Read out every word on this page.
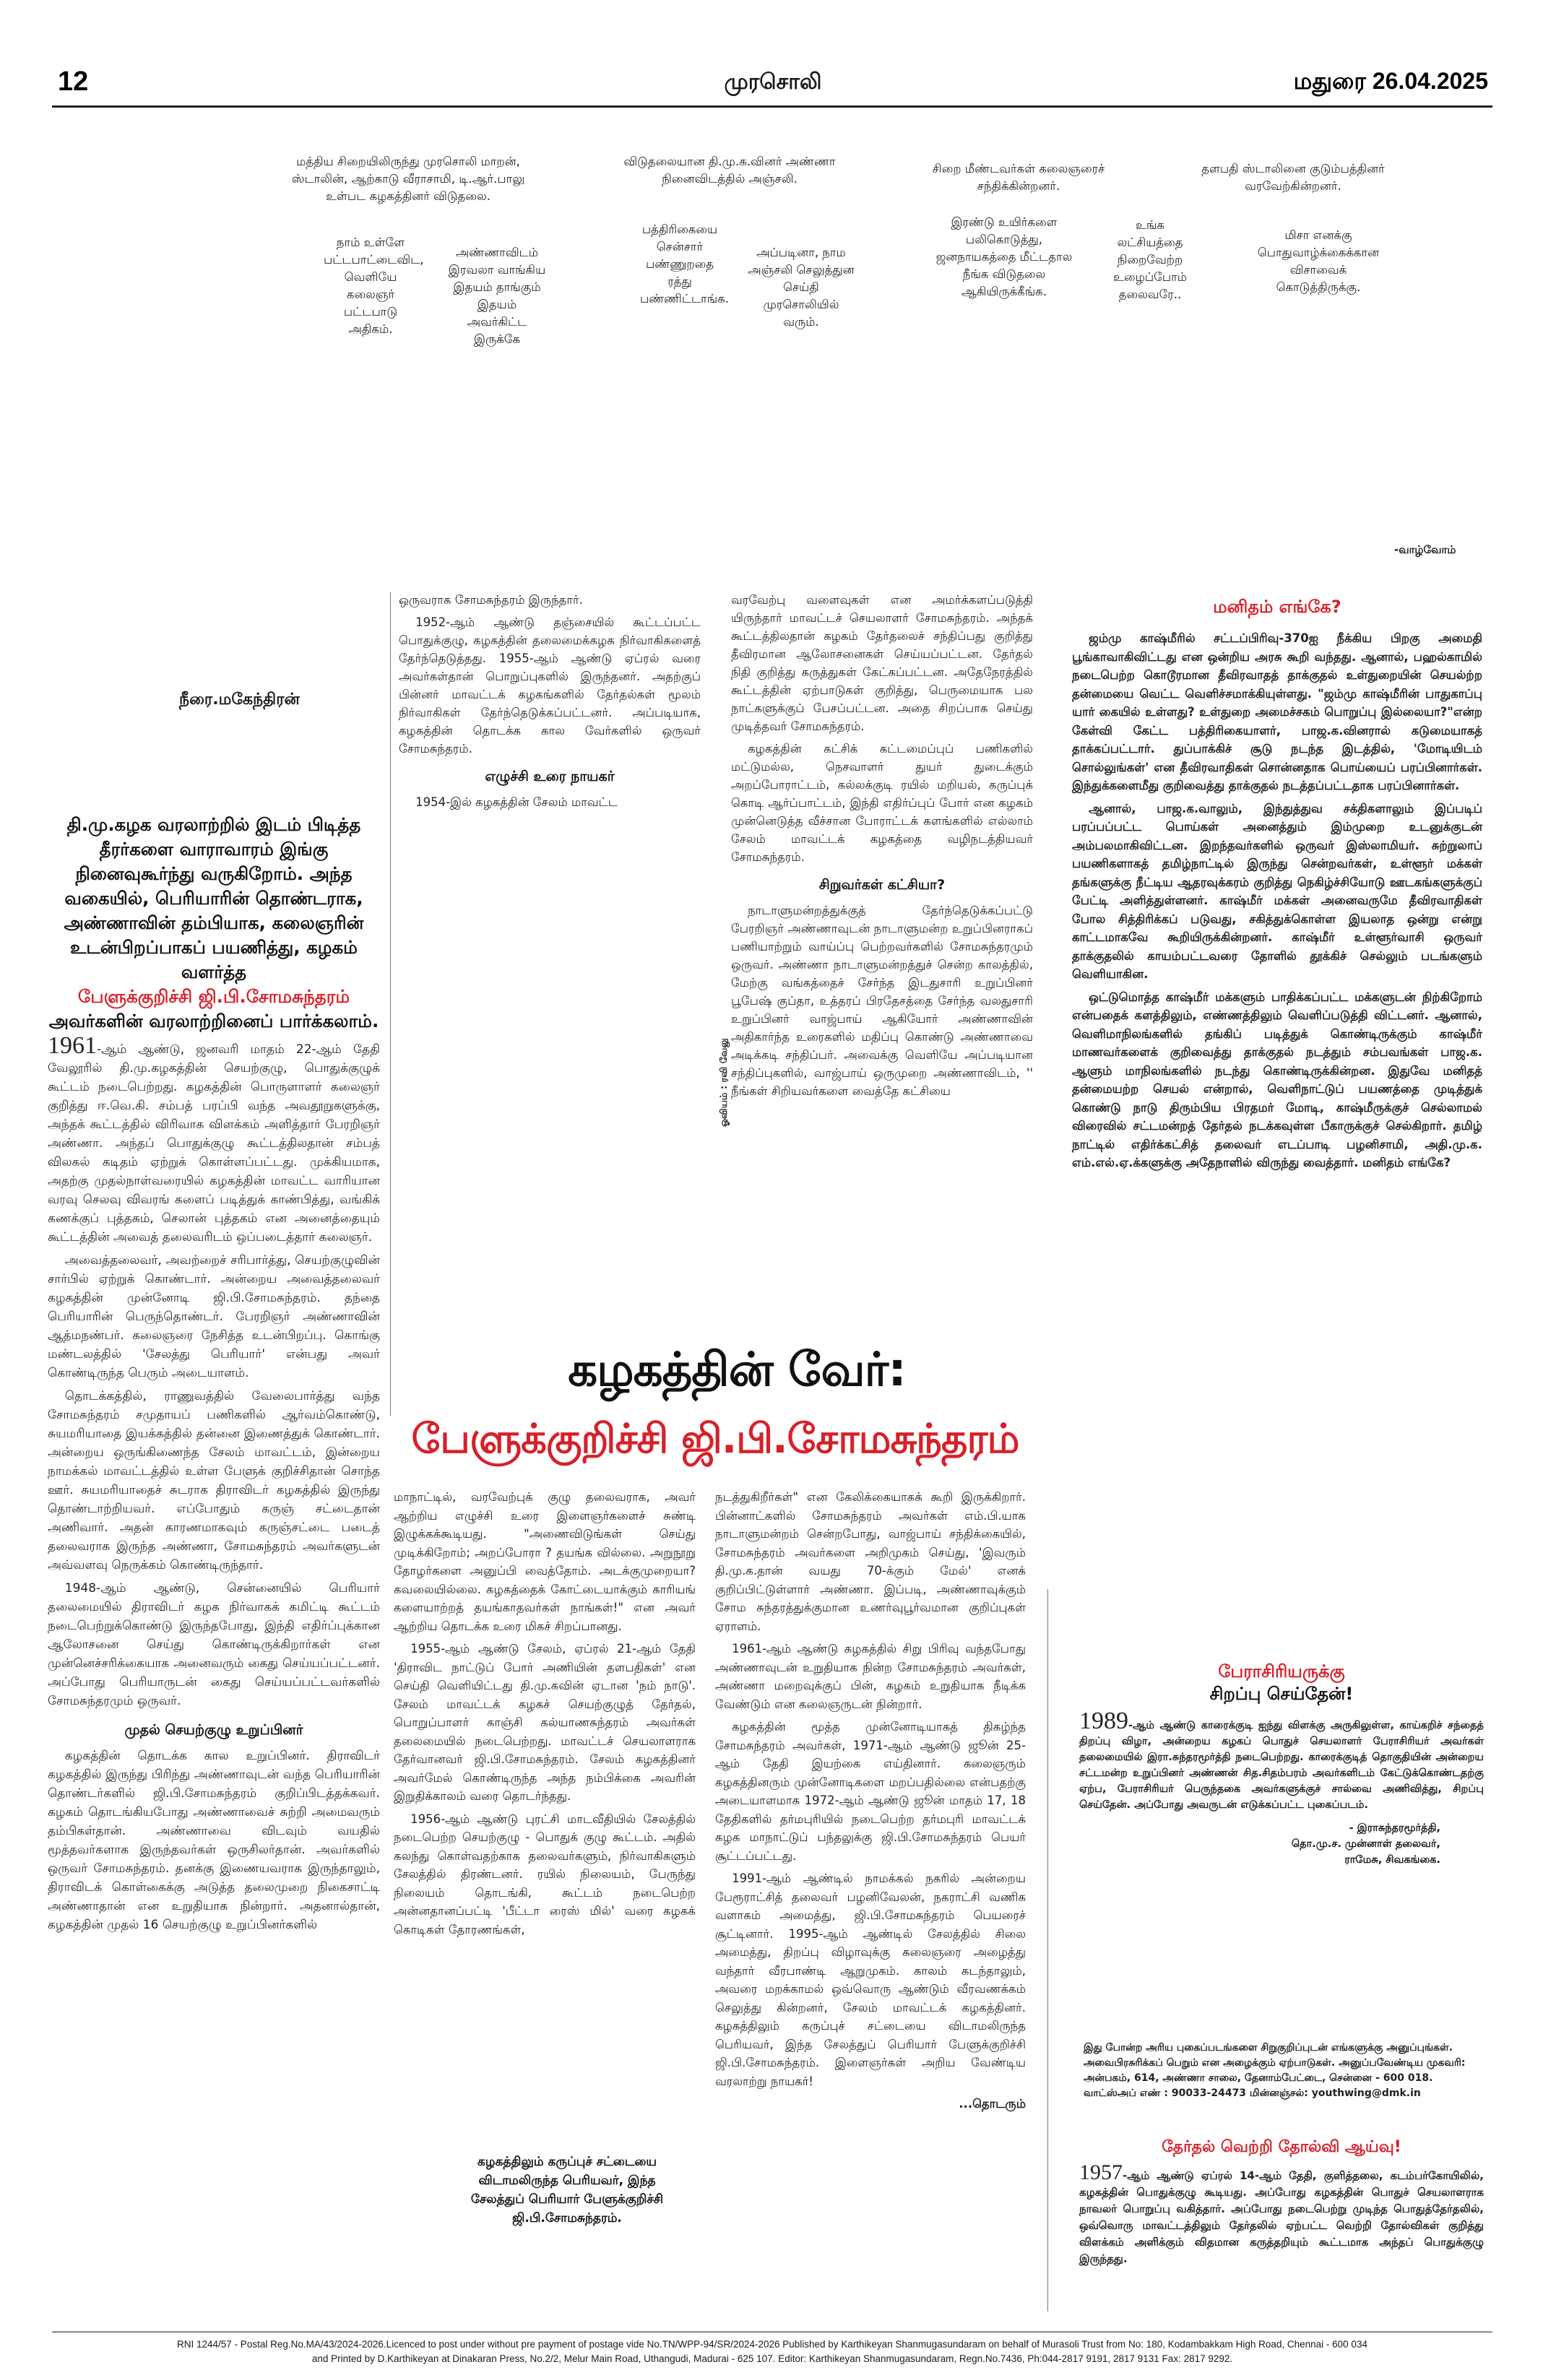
12	முரசொலி	மதுரை 26.04.2025
மத்திய சிறையிலிருந்து முரசொலி மாறன், ஸ்டாலின், ஆற்காடு வீராசாமி, டி.ஆர்.பாலு உள்பட கழகத்தினர் விடுதலை.
விடுதலையான தி.மு.க.வினர் அண்ணா நினைவிடத்தில் அஞ்சலி.
சிறை மீண்டவர்கள் கலைஞரைச் சந்திக்கின்றனர்.
தளபதி ஸ்டாலினை குடும்பத்தினர் வரவேற்கின்றனர்.
நாம் உள்ளே பட்டபாட்டைவிட, வெளியே கலைஞர் பட்டபாடு அதிகம்.
அண்ணாவிடம் இரவலா வாங்கிய இதயம் தாங்கும் இதயம் அவர்கிட்ட இருக்கே
பத்திரிகையை சென்சார் பண்ணுறதை ரத்து பண்ணிட்டாங்க.
அப்படினா, நாம அஞ்சலி செலுத்துன செய்தி முரசொலியில் வரும்.
இரண்டு உயிர்களை பலிகொடுத்து, ஜனநாயகத்தை மீட்டதால நீங்க விடுதலை ஆகியிருக்கீங்க.
உங்க லட்சியத்தை நிறைவேற்ற உழைப்போம் தலைவரே..
மிசா எனக்கு பொதுவாழ்க்கைக்கான விசாவைக் கொடுத்திருக்கு.
-வாழ்வோம்
நீரை.மகேந்திரன்
தி.மு.கழக வரலாற்றில் இடம் பிடித்த தீரர்களை வாராவாரம் இங்கு நினைவுகூர்ந்து வருகிறோம். அந்த வகையில், பெரியாரின் தொண்டராக, அண்ணாவின் தம்பியாக, கலைஞரின் உடன்பிறப்பாகப் பயணித்து, கழகம் வளர்த்த
பேளுக்குறிச்சி ஜி.பி.சோமசுந்தரம்
அவர்களின் வரலாற்றினைப் பார்க்கலாம்.

1961-ஆம் ஆண்டு, ஜனவரி மாதம் 22-ஆம் தேதி வேலூரில் தி.மு.கழகத்தின் செயற்குழு, பொதுக்குழுக் கூட்டம் நடைபெற்றது. கழகத்தின் பொருளாளர் கலைஞர் குறித்து ஈ.வெ.கி. சம்பத் பரப்பி வந்த அவதூறுகளுக்கு, அந்தக் கூட்டத்தில் விரிவாக விளக்கம் அளித்தார் பேரறிஞர் அண்ணா. அந்தப் பொதுக்குழு கூட்டத்திலதான் சம்பத் விலகல் கடிதம் ஏற்றுக் கொள்ளப்பட்டது. முக்கியமாக, அதற்கு முதல்நாள்வரையில் கழகத்தின் மாவட்ட வாரியான வரவு செலவு விவரங் களைப் படித்துக் காண்பித்து, வங்கிக் கணக்குப் புத்தகம், செலான் புத்தகம் என அனைத்தையும் கூட்டத்தின் அவைத் தலைவரிடம் ஒப்படைத்தார் கலைஞர்.

அவைத்தலைவர், அவற்றைச் சரிபார்த்து, செயற்குழுவின் சார்பில் ஏற்றுக் கொண்டார். அன்றைய அவைத்தலைவர் கழகத்தின் முன்னோடி ஜி.பி.சோமசுந்தரம். தந்தை பெரியாரின் பெருந்தொண்டர். பேரறிஞர் அண்ணாவின் ஆத்மநண்பர். கலைஞரை நேசித்த உடன்பிறப்பு. கொங்கு மண்டலத்தில் 'சேலத்து பெரியார்' என்பது அவர் கொண்டிருந்த பெரும் அடையாளம்.

தொடக்கத்தில், ராணுவத்தில் வேலைபார்த்து வந்த சோமசுந்தரம் சமுதாயப் பணிகளில் ஆர்வம்கொண்டு, சுயமரியாதை இயக்கத்தில் தன்னை இணைத்துக் கொண்டார். அன்றைய ஒருங்கிணைந்த சேலம் மாவட்டம், இன்றைய நாமக்கல் மாவட்டத்தில் உள்ள பேளுக் குறிச்சிதான் சொந்த ஊர். சுயமரியாதைச் சுடராக திராவிடர் கழகத்தில் இருந்து தொண்டாற்றியவர். எப்போதும் கருஞ் சட்டைதான் அணிவார். அதன் காரணமாகவும் கருஞ்சட்டை படைத் தலைவராக இருந்த அண்ணா, சோமசுந்தரம் அவர்களுடன் அவ்வளவு நெருக்கம் கொண்டிருந்தார்.

1948-ஆம் ஆண்டு, சென்னையில் பெரியார் தலைமையில் திராவிடர் கழக நிர்வாகக் கமிட்டி கூட்டம் நடைபெற்றுக்கொண்டு இருந்தபோது, இந்தி எதிர்ப்புக்கான ஆலோசனை செய்து கொண்டிருக்கிறார்கள் என முன்னெச்சரிக்கையாக அனைவரும் கைது செய்யப்பட்டனர். அப்போது பெரியாருடன் கைது செய்யப்பட்டவர்களில் சோமசுந்தரமும் ஒருவர்.

முதல் செயற்குழு உறுப்பினர்

கழகத்தின் தொடக்க கால உறுப்பினர். திராவிடர் கழகத்தில் இருந்து பிரிந்து அண்ணாவுடன் வந்த பெரியாரின் தொண்டர்களில் ஜி.பி.சோமசுந்தரம் குறிப்பிடத்தக்கவர். கழகம் தொடங்கியபோது அண்ணாவைச் சுற்றி அமைவரும் தம்பிகள்தான். அண்ணாவை விடவும் வயதில் மூத்தவர்களாக இருந்தவர்கள் ஒருசிலர்தான். அவர்களில் ஒருவர் சோமசுந்தரம். தனக்கு இணையவராக இருந்தாலும், திராவிடக் கொள்கைக்கு அடுத்த தலைமுறை நிகைசாட்டி அண்ணாதான் என உறுதியாக நின்றார். அதனால்தான், கழகத்தின் முதல் 16 செயற்குழு உறுப்பினர்களில்

ஒருவராக சோமசுந்தரம் இருந்தார்.

1952-ஆம் ஆண்டு தஞ்சையில் கூட்டப்பட்ட பொதுக்குழு, கழகத்தின் தலைமைக்கழக நிர்வாகிகளைத் தேர்ந்தெடுத்தது. 1955-ஆம் ஆண்டு ஏப்ரல் வரை அவர்கள்தான் பொறுப்புகளில் இருந்தனர். அதற்குப் பின்னர் மாவட்டக் கழகங்களில் தேர்தல்கள் மூலம் நிர்வாகிகள் தேர்ந்தெடுக்கப்பட்டனர். அப்படியாக, கழகத்தின் தொடக்க கால வேர்களில் ஒருவர் சோமசுந்தரம்.

எழுச்சி உரை நாயகர்

1954-இல் கழகத்தின் சேலம் மாவட்ட

வரவேற்பு வளைவுகள் என அமர்க்களப்படுத்தி யிருந்தார் மாவட்டச் செயலாளர் சோமசுந்தரம். அந்தக் கூட்டத்திலதான் கழகம் தேர்தலைச் சந்திப்பது குறித்து தீவிரமான ஆலோசனைகள் செய்யப்பட்டன. தேர்தல் நிதி குறித்து கருத்துகள் கேட்கப்பட்டன. அதேநேரத்தில் கூட்டத்தின் ஏற்பாடுகள் குறித்து, பெருமையாக பல நாட்களுக்குப் பேசப்பட்டன. அதை சிறப்பாக செய்து முடித்தவர் சோமசுந்தரம்.

கழகத்தின் கட்சிக் கட்டமைப்புப் பணிகளில் மட்டுமல்ல, நெசவாளர் துயர் துடைக்கும் அறப்போராட்டம், கல்லக்குடி ரயில் மறியல், கருப்புக் கொடி ஆர்ப்பாட்டம், இந்தி எதிர்ப்புப் போர் என கழகம் முன்னெடுத்த வீச்சான போராட்டக் களங்களில் எல்லாம் சேலம் மாவட்டக் கழகத்தை வழிநடத்தியவர் சோமசுந்தரம்.

சிறுவர்கள் கட்சியா?

நாடாளுமன்றத்துக்குத் தேர்ந்தெடுக்கப்பட்டு பேரறிஞர் அண்ணாவுடன் நாடாளுமன்ற உறுப்பினராகப் பணியாற்றும் வாய்ப்பு பெற்றவர்களில் சோமசுந்தரமும் ஒருவர். அண்ணா நாடாளுமன்றத்துச் சென்ற காலத்தில், மேற்கு வங்கத்தைச் சேர்ந்த இடதுசாரி உறுப்பினர் பூபேஷ் குப்தா, உத்தரப் பிரதேசத்தை சேர்ந்த வலதுசாரி உறுப்பினர் வாஜ்பாய் ஆகியோர் அண்ணாவின் அதிகார்ந்த உரைகளில் மதிப்பு கொண்டு அண்ணாவை அடிக்கடி சந்திப்பர். அவைக்கு வெளியே அப்படியான சந்திப்புகளில், வாஜ்பாய் ஒருமுறை அண்ணாவிடம், '' நீங்கள் சிறியவர்களை வைத்தே கட்சியை

ஓவியம் : ரவி வேலு
மனிதம் எங்கே?

ஜம்மு காஷ்மீரில் சட்டப்பிரிவு-370ஐ நீக்கிய பிறகு அமைதி பூங்காவாகிவிட்டது என ஒன்றிய அரசு கூறி வந்தது. ஆனால், பஹல்காமில் நடைபெற்ற கொடூரமான தீவிரவாதத் தாக்குதல் உள்துறையின் செயல்ற்ற தன்மையை வெட்ட வெளிச்சமாக்கியுள்ளது. "ஜம்மு காஷ்மீரின் பாதுகாப்பு யார் கையில் உள்ளது? உள்துறை அமைச்சகம் பொறுப்பு இல்லையா?"என்ற கேள்வி கேட்ட பத்திரிகையாளர், பாஜ.க.வினரால் கடுமையாகத் தாக்கப்பட்டார். துப்பாக்கிச் சூடு நடந்த இடத்தில், 'மோடியிடம் சொல்லுங்கள்' என தீவிரவாதிகள் சொன்னதாக பொய்யைப் பரப்பினார்கள். இந்துக்களைமீது குறிவைத்து தாக்குதல் நடத்தப்பட்டதாக பரப்பினார்கள்.

ஆனால், பாஜ.க.வாலும், இந்துத்துவ சக்திகளாலும் இப்படிப் பரப்பப்பட்ட பொய்கள் அனைத்தும் இம்முறை உடனுக்குடன் அம்பலமாகிவிட்டன. இறந்தவர்களில் ஒருவர் இஸ்லாமியர். சுற்றுலாப் பயணிகளாகத் தமிழ்நாட்டில் இருந்து சென்றவர்கள், உள்ளூர் மக்கள் தங்களுக்கு நீட்டிய ஆதரவுக்கரம் குறித்து நெகிழ்ச்சியோடு ஊடகங்களுக்குப் பேட்டி அளித்துள்ளனர். காஷ்மீர் மக்கள் அனைவருமே தீவிரவாதிகள் போல சித்திரிக்கப் படுவது, சகித்துக்கொள்ள இயலாத ஒன்று என்று காட்டமாகவே கூறியிருக்கின்றனர். காஷ்மீர் உள்ளூர்வாசி ஒருவர் தாக்குதலில் காயம்பட்டவரை தோளில் தூக்கிச் செல்லும் படங்களும் வெளியாகின.

ஒட்டுமொத்த காஷ்மீர் மக்களும் பாதிக்கப்பட்ட மக்களுடன் நிற்கிறோம் என்பதைக் களத்திலும், எண்ணத்திலும் வெளிப்படுத்தி விட்டனர். ஆனால், வெளிமாநிலங்களில் தங்கிப் படித்துக் கொண்டிருக்கும் காஷ்மீர் மாணவர்களைக் குறிவைத்து தாக்குதல் நடத்தும் சம்பவங்கள் பாஜ.க. ஆளும் மாநிலங்களில் நடந்து கொண்டிருக்கின்றன. இதுவே மனிதத் தன்மையற்ற செயல் என்றால், வெளிநாட்டுப் பயணத்தை முடித்துக் கொண்டு நாடு திரும்பிய பிரதமர் மோடி, காஷ்மீருக்குச் செல்லாமல் விரைவில் சட்டமன்றத் தேர்தல் நடக்கவுள்ள பீகாருக்குச் செல்கிறார். தமிழ் நாட்டில் எதிர்க்கட்சித் தலைவர் எடப்பாடி பழனிசாமி, அதி.மு.க. எம்.எல்.ஏ.க்களுக்கு அதேநாளில் விருந்து வைத்தார். மனிதம் எங்கே?

கழகத்தின் வேர்:
பேளுக்குறிச்சி ஜி.பி.சோமசுந்தரம்

மாநாட்டில், வரவேற்புக் குழு தலைவராக, அவர் ஆற்றிய எழுச்சி உரை இளைஞர்களைச் சுண்டி இழுக்கக்கூடியது. "அணைவிடுங்கள் செய்து முடிக்கிறோம்; அறப்போரா ? தயங்க வில்லை. அறுநூறு தோழர்களை அனுப்பி வைத்தோம். அடக்குமுறையா? கவலையில்லை. கழகத்தைக் கோட்டையாக்கும் காரியங் களையாற்றத் தயங்காதவர்கள் நாங்கள்!" என அவர் ஆற்றிய தொடக்க உரை மிகச் சிறப்பானது.

1955-ஆம் ஆண்டு சேலம், ஏப்ரல் 21-ஆம் தேதி 'திராவிட நாட்டுப் போர் அணியின் தளபதிகள்' என செய்தி வெளியிட்டது தி.மு.கவின் ஏடான 'நம் நாடு'. சேலம் மாவட்டக் கழகச் செயற்குழுத் தேர்தல், பொறுப்பாளர் காஞ்சி கல்யாணசுந்தரம் அவர்கள் தலைமையில் நடைபெற்றது. மாவட்டச் செயலாளராக தேர்வானவர் ஜி.பி.சோமசுந்தரம். சேலம் கழகத்தினர் அவர்மேல் கொண்டிருந்த அந்த நம்பிக்கை அவரின் இறுதிக்காலம் வரை தொடர்ந்தது.

1956-ஆம் ஆண்டு புரட்சி மாடவீதியில் சேலத்தில் நடைபெற்ற செயற்குழு - பொதுக் குழு கூட்டம். அதில் கலந்து கொள்வதற்காக தலைவர்களும், நிர்வாகிகளும் சேலத்தில் திரண்டனர். ரயில் நிலையம், பேருந்து நிலையம் தொடங்கி, கூட்டம் நடைபெற்ற அன்னதானப்பட்டி 'பீட்டா ரைஸ் மில்' வரை கழகக் கொடிகள் தோரணங்கள்,

கழகத்திலும் கருப்புச் சட்டையை விடாமலிருந்த பெரியவர், இந்த சேலத்துப் பெரியார் பேளுக்குறிச்சி ஜி.பி.சோமசுந்தரம்.

நடத்துகிறீர்கள்" என கேலிக்கையாகக் கூறி இருக்கிறார். பின்னாட்களில் சோமசுந்தரம் அவர்கள் எம்.பி.யாக நாடாளுமன்றம் சென்றபோது, வாஜ்பாய் சந்திக்கையில், சோமசுந்தரம் அவர்களை அறிமுகம் செய்து, 'இவரும் தி.மு.க.தான் வயது 70-க்கும் மேல்' எனக் குறிப்பிட்டுள்ளார் அண்ணா. இப்படி, அண்ணாவுக்கும் சோம சுந்தரத்துக்குமான உணர்வுபூர்வமான குறிப்புகள் ஏராளம்.

1961-ஆம் ஆண்டு கழகத்தில் சிறு பிரிவு வந்தபோது அண்ணாவுடன் உறுதியாக நின்ற சோமசுந்தரம் அவர்கள், அண்ணா மறைவுக்குப் பின், கழகம் உறுதியாக நீடிக்க வேண்டும் என கலைஞருடன் நின்றார்.

கழகத்தின் மூத்த முன்னோடியாகத் திகழ்ந்த சோமசுந்தரம் அவர்கள், 1971-ஆம் ஆண்டு ஜூன் 25-ஆம் தேதி இயற்கை எய்தினார். கலைஞரும் கழகத்தினரும் முன்னோடிகளை மறப்பதில்லை என்பதற்கு அடையாளமாக 1972-ஆம் ஆண்டு ஜூன் மாதம் 17, 18 தேதிகளில் தர்மபுரியில் நடைபெற்ற தர்மபுரி மாவட்டக் கழக மாநாட்டுப் பந்தலுக்கு ஜி.பி.சோமசுந்தரம் பெயர் சூட்டப்பட்டது.

1991-ஆம் ஆண்டில் நாமக்கல் நகரில் அன்றைய பேரூராட்சித் தலைவர் பழனிவேலன், நகராட்சி வணிக வளாகம் அமைத்து, ஜி.பி.சோமசுந்தரம் பெயரைச் சூட்டினார். 1995-ஆம் ஆண்டில் சேலத்தில் சிலை அமைத்து, திறப்பு விழாவுக்கு கலைஞரை அழைத்து வந்தார் வீரபாண்டி ஆறுமுகம். காலம் கடந்தாலும், அவரை மறக்காமல் ஒவ்வொரு ஆண்டும் வீரவணக்கம் செலுத்து கின்றனர், சேலம் மாவட்டக் கழகத்தினர். கழகத்திலும் கருப்புச் சட்டையை விடாமலிருந்த பெரியவர், இந்த சேலத்துப் பெரியார் பேளுக்குறிச்சி ஜி.பி.சோமசுந்தரம். இளைஞர்கள் அறிய வேண்டிய வரலாற்று நாயகர்!

...தொடரும்
பேராசிரியருக்கு
சிறப்பு செய்தேன்!
1989-ஆம் ஆண்டு காரைக்குடி ஐந்து விளக்கு அருகிலுள்ள, காய்கறிச் சந்தைத் திறப்பு விழா, அன்றைய கழகப் பொதுச் செயலாளர் பேராசிரியர் அவர்கள் தலைமையில் இரா.சுந்தரமூர்த்தி நடைபெற்றது. காரைக்குடித் தொகுதியின் அன்றைய சட்டமன்ற உறுப்பினர் அண்ணன் சித.சிதம்பரம் அவர்களிடம் கேட்டுக்கொண்டதற்கு ஏற்ப, பேராசிரியர் பெருந்தகை அவர்களுக்குச் சால்வை அணிவித்து, சிறப்பு செய்தேன். அப்போது அவருடன் எடுக்கப்பட்ட புகைப்படம்.
- இராசுந்தரமூர்த்தி,
தொ.மு.ச. முன்னாள் தலைவர்,
ராமேசு, சிவகங்கை.
இது போன்ற அரிய புகைப்படங்களை சிறுகுறிப்புடன் எங்களுக்கு அனுப்புங்கள். அவைபிரசுரிக்கப் பெறும் என அழைக்கும் ஏற்பாடுகள். அனுப்பவேண்டிய முகவரி: அன்பகம், 614, அண்ணா சாலை, தேனாம்பேட்டை, சென்னை - 600 018. வாட்ஸ்அப் எண் : 90033-24473 மின்னஞ்சல்: youthwing@dmk.in
தேர்தல் வெற்றி தோல்வி ஆய்வு!
1957-ஆம் ஆண்டு ஏப்ரல் 14-ஆம் தேதி, குளித்தலை, கடம்பர்கோயிலில், கழகத்தின் பொதுக்குழு கூடியது. அப்போது கழகத்தின் பொதுச் செயலாளராக நாவலர் பொறுப்பு வகித்தார். அப்போது நடைபெற்று முடிந்த பொதுத்தேர்தலில், ஒவ்வொரு மாவட்டத்திலும் தேர்தலில் ஏற்பட்ட வெற்றி தோல்விகள் குறித்து விளக்கம் அளிக்கும் விதமான கருத்தறியும் கூட்டமாக அந்தப் பொதுக்குழு இருந்தது.
RNI 1244/57 - Postal Reg.No.MA/43/2024-2026.Licenced to post under without pre payment of postage vide No.TN/WPP-94/SR/2024-2026 Published by Karthikeyan Shanmugasundaram on behalf of Murasoli Trust from No: 180, Kodambakkam High Road, Chennai - 600 034
and Printed by D.Karthikeyan at Dinakaran Press, No.2/2, Melur Main Road, Uthangudi, Madurai - 625 107. Editor: Karthikeyan Shanmugasundaram, Regn.No.7436, Ph:044-2817 9191, 2817 9131 Fax: 2817 9292.
